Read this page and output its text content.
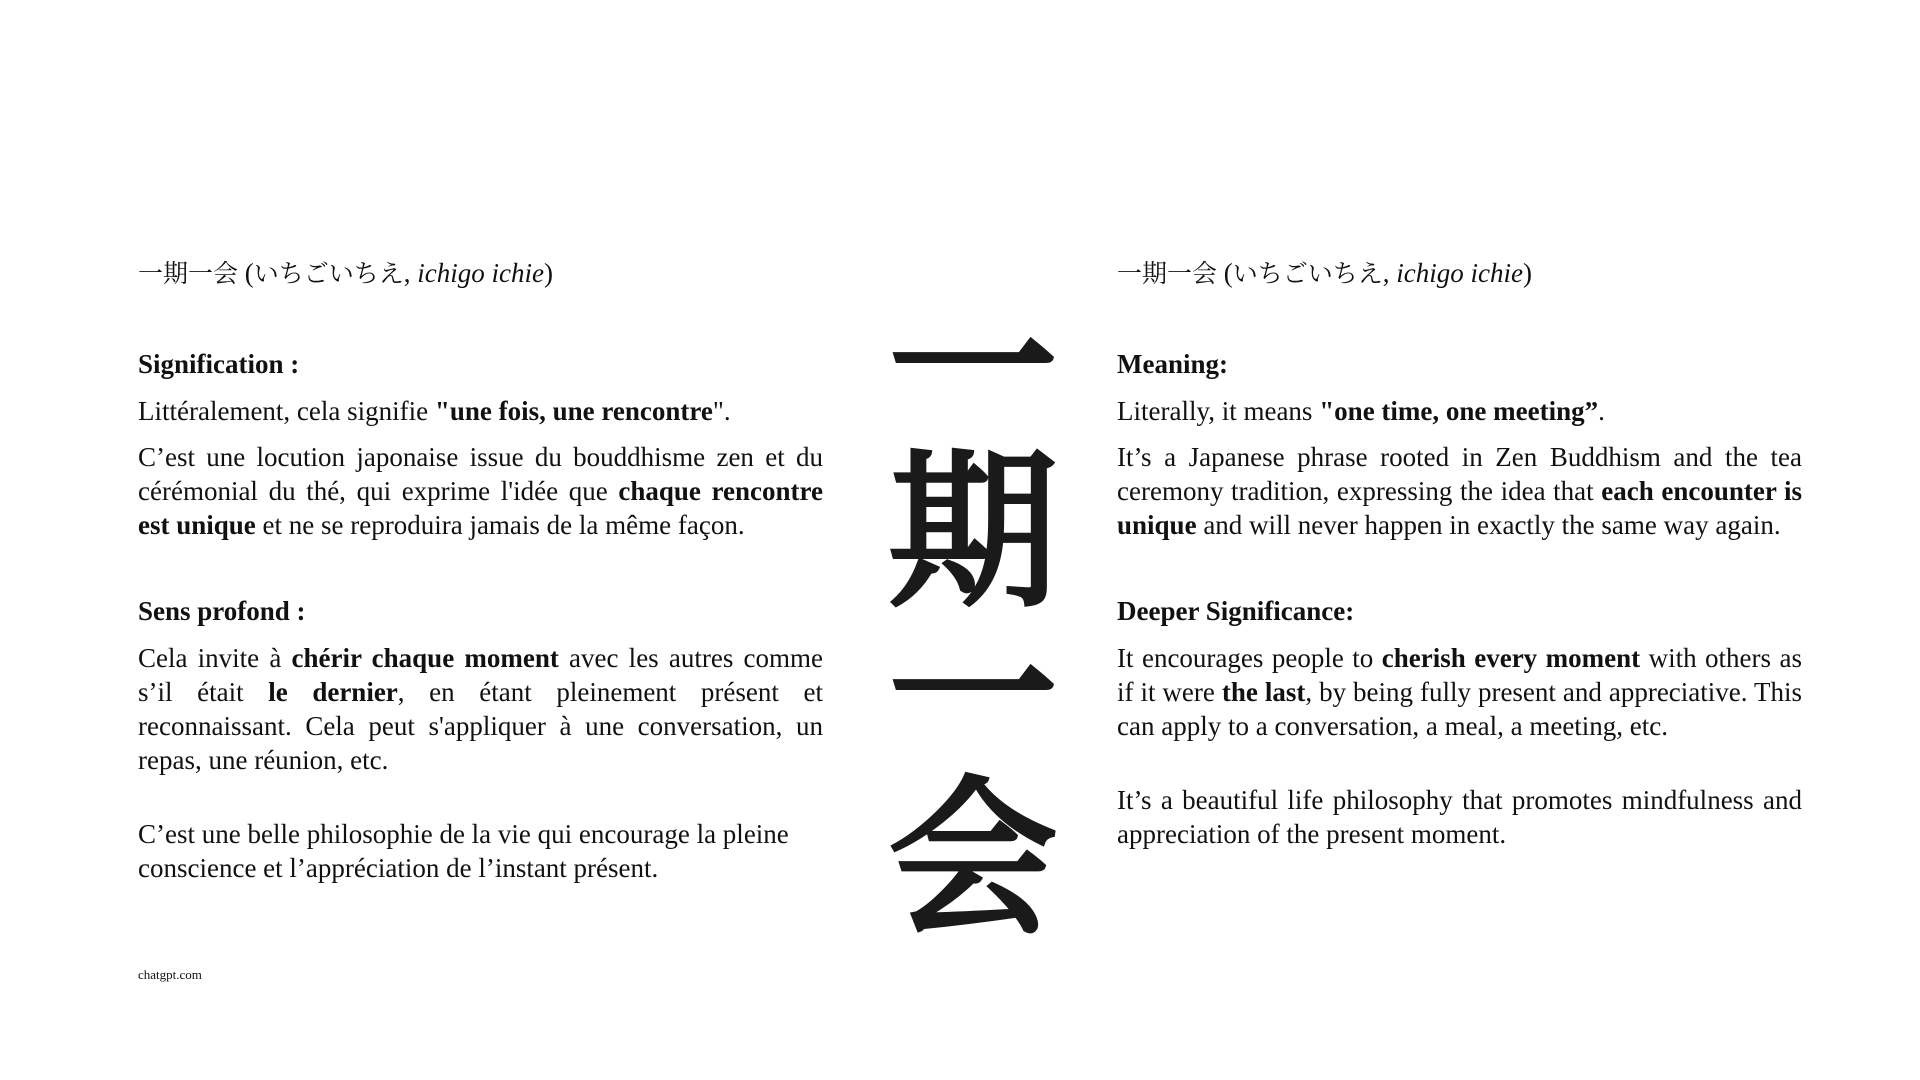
一期一会 (いちごいちえ, ichigo ichie)

Signification :

Littéralement, cela signifie "une fois, une rencontre".

C’est une locution japonaise issue du bouddhisme zen et du cérémonial du thé, qui exprime l'idée que chaque rencontre est unique et ne se reproduira jamais de la même façon.

Sens profond :

Cela invite à chérir chaque moment avec les autres comme s’il était le dernier, en étant pleinement présent et reconnaissant. Cela peut s'appliquer à une conversation, un repas, une réunion, etc.

C’est une belle philosophie de la vie qui encourage la pleine conscience et l’appréciation de l’instant présent.

一
期
一
会

一期一会 (いちごいちえ, ichigo ichie)

Meaning:

Literally, it means "one time, one meeting”.

It’s a Japanese phrase rooted in Zen Buddhism and the tea ceremony tradition, expressing the idea that each encounter is unique and will never happen in exactly the same way again.

Deeper Significance:

It encourages people to cherish every moment with others as if it were the last, by being fully present and appreciative. This can apply to a conversation, a meal, a meeting, etc.

It’s a beautiful life philosophy that promotes mindfulness and appreciation of the present moment.

chatgpt.com
